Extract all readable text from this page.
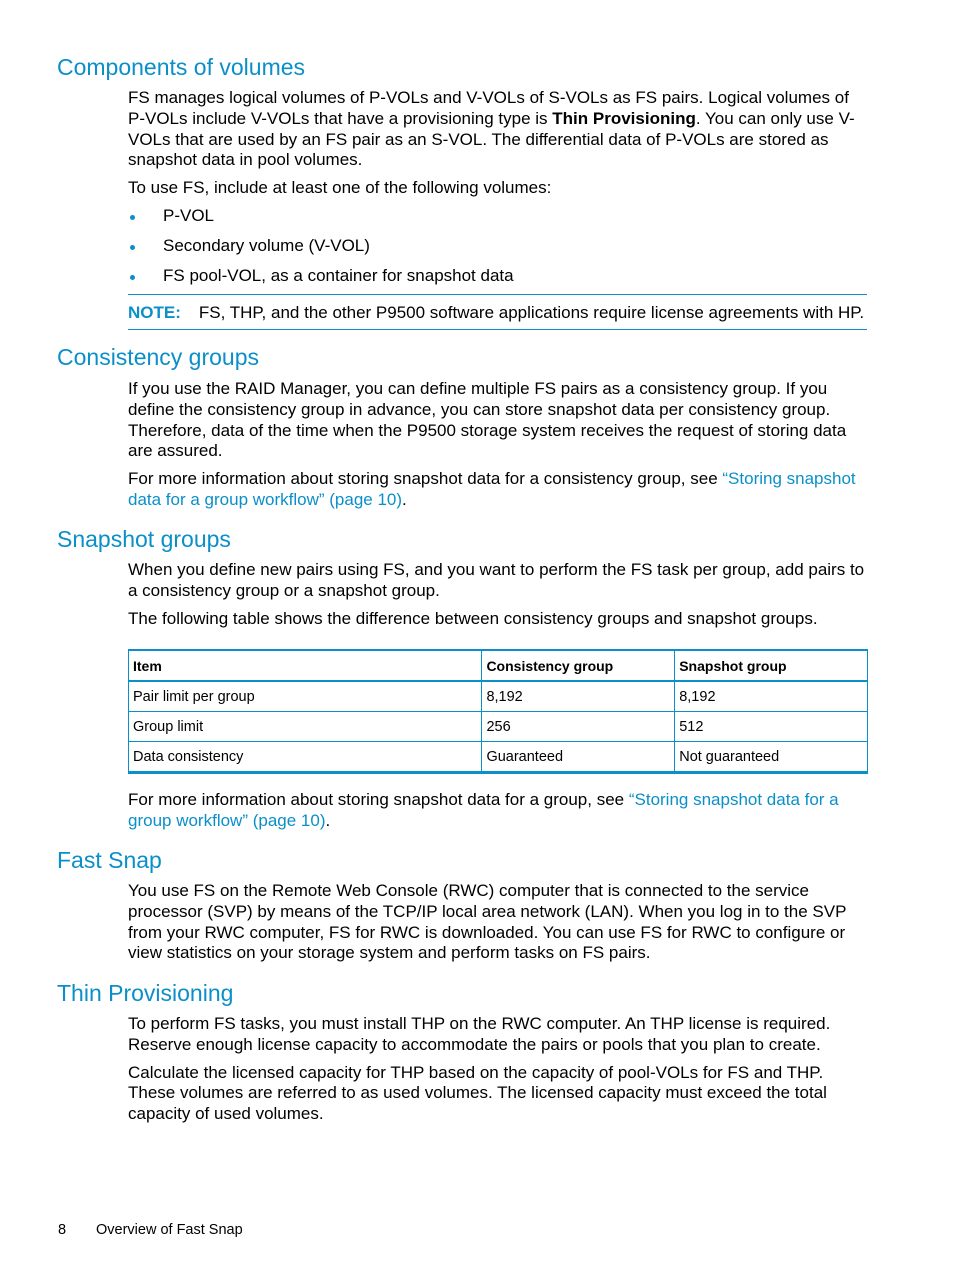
Components of volumes

FS manages logical volumes of P-VOLs and V-VOLs of S-VOLs as FS pairs. Logical volumes of P-VOLs include V-VOLs that have a provisioning type is Thin Provisioning. You can only use V-VOLs that are used by an FS pair as an S-VOL. The differential data of P-VOLs are stored as snapshot data in pool volumes.

To use FS, include at least one of the following volumes:

P-VOL
Secondary volume (V-VOL)
FS pool-VOL, as a container for snapshot data
NOTE: FS, THP, and the other P9500 software applications require license agreements with HP.
Consistency groups

If you use the RAID Manager, you can define multiple FS pairs as a consistency group. If you define the consistency group in advance, you can store snapshot data per consistency group. Therefore, data of the time when the P9500 storage system receives the request of storing data are assured.

For more information about storing snapshot data for a consistency group, see “Storing snapshot data for a group workflow” (page 10).

Snapshot groups

When you define new pairs using FS, and you want to perform the FS task per group, add pairs to a consistency group or a snapshot group.

The following table shows the difference between consistency groups and snapshot groups.

Item	Consistency group	Snapshot group
Pair limit per group	8,192	8,192
Group limit	256	512
Data consistency	Guaranteed	Not guaranteed

For more information about storing snapshot data for a group, see “Storing snapshot data for a group workflow” (page 10).

Fast Snap

You use FS on the Remote Web Console (RWC) computer that is connected to the service processor (SVP) by means of the TCP/IP local area network (LAN). When you log in to the SVP from your RWC computer, FS for RWC is downloaded. You can use FS for RWC to configure or view statistics on your storage system and perform tasks on FS pairs.

Thin Provisioning

To perform FS tasks, you must install THP on the RWC computer. An THP license is required. Reserve enough license capacity to accommodate the pairs or pools that you plan to create.

Calculate the licensed capacity for THP based on the capacity of pool-VOLs for FS and THP. These volumes are referred to as used volumes. The licensed capacity must exceed the total capacity of used volumes.

8 Overview of Fast Snap
